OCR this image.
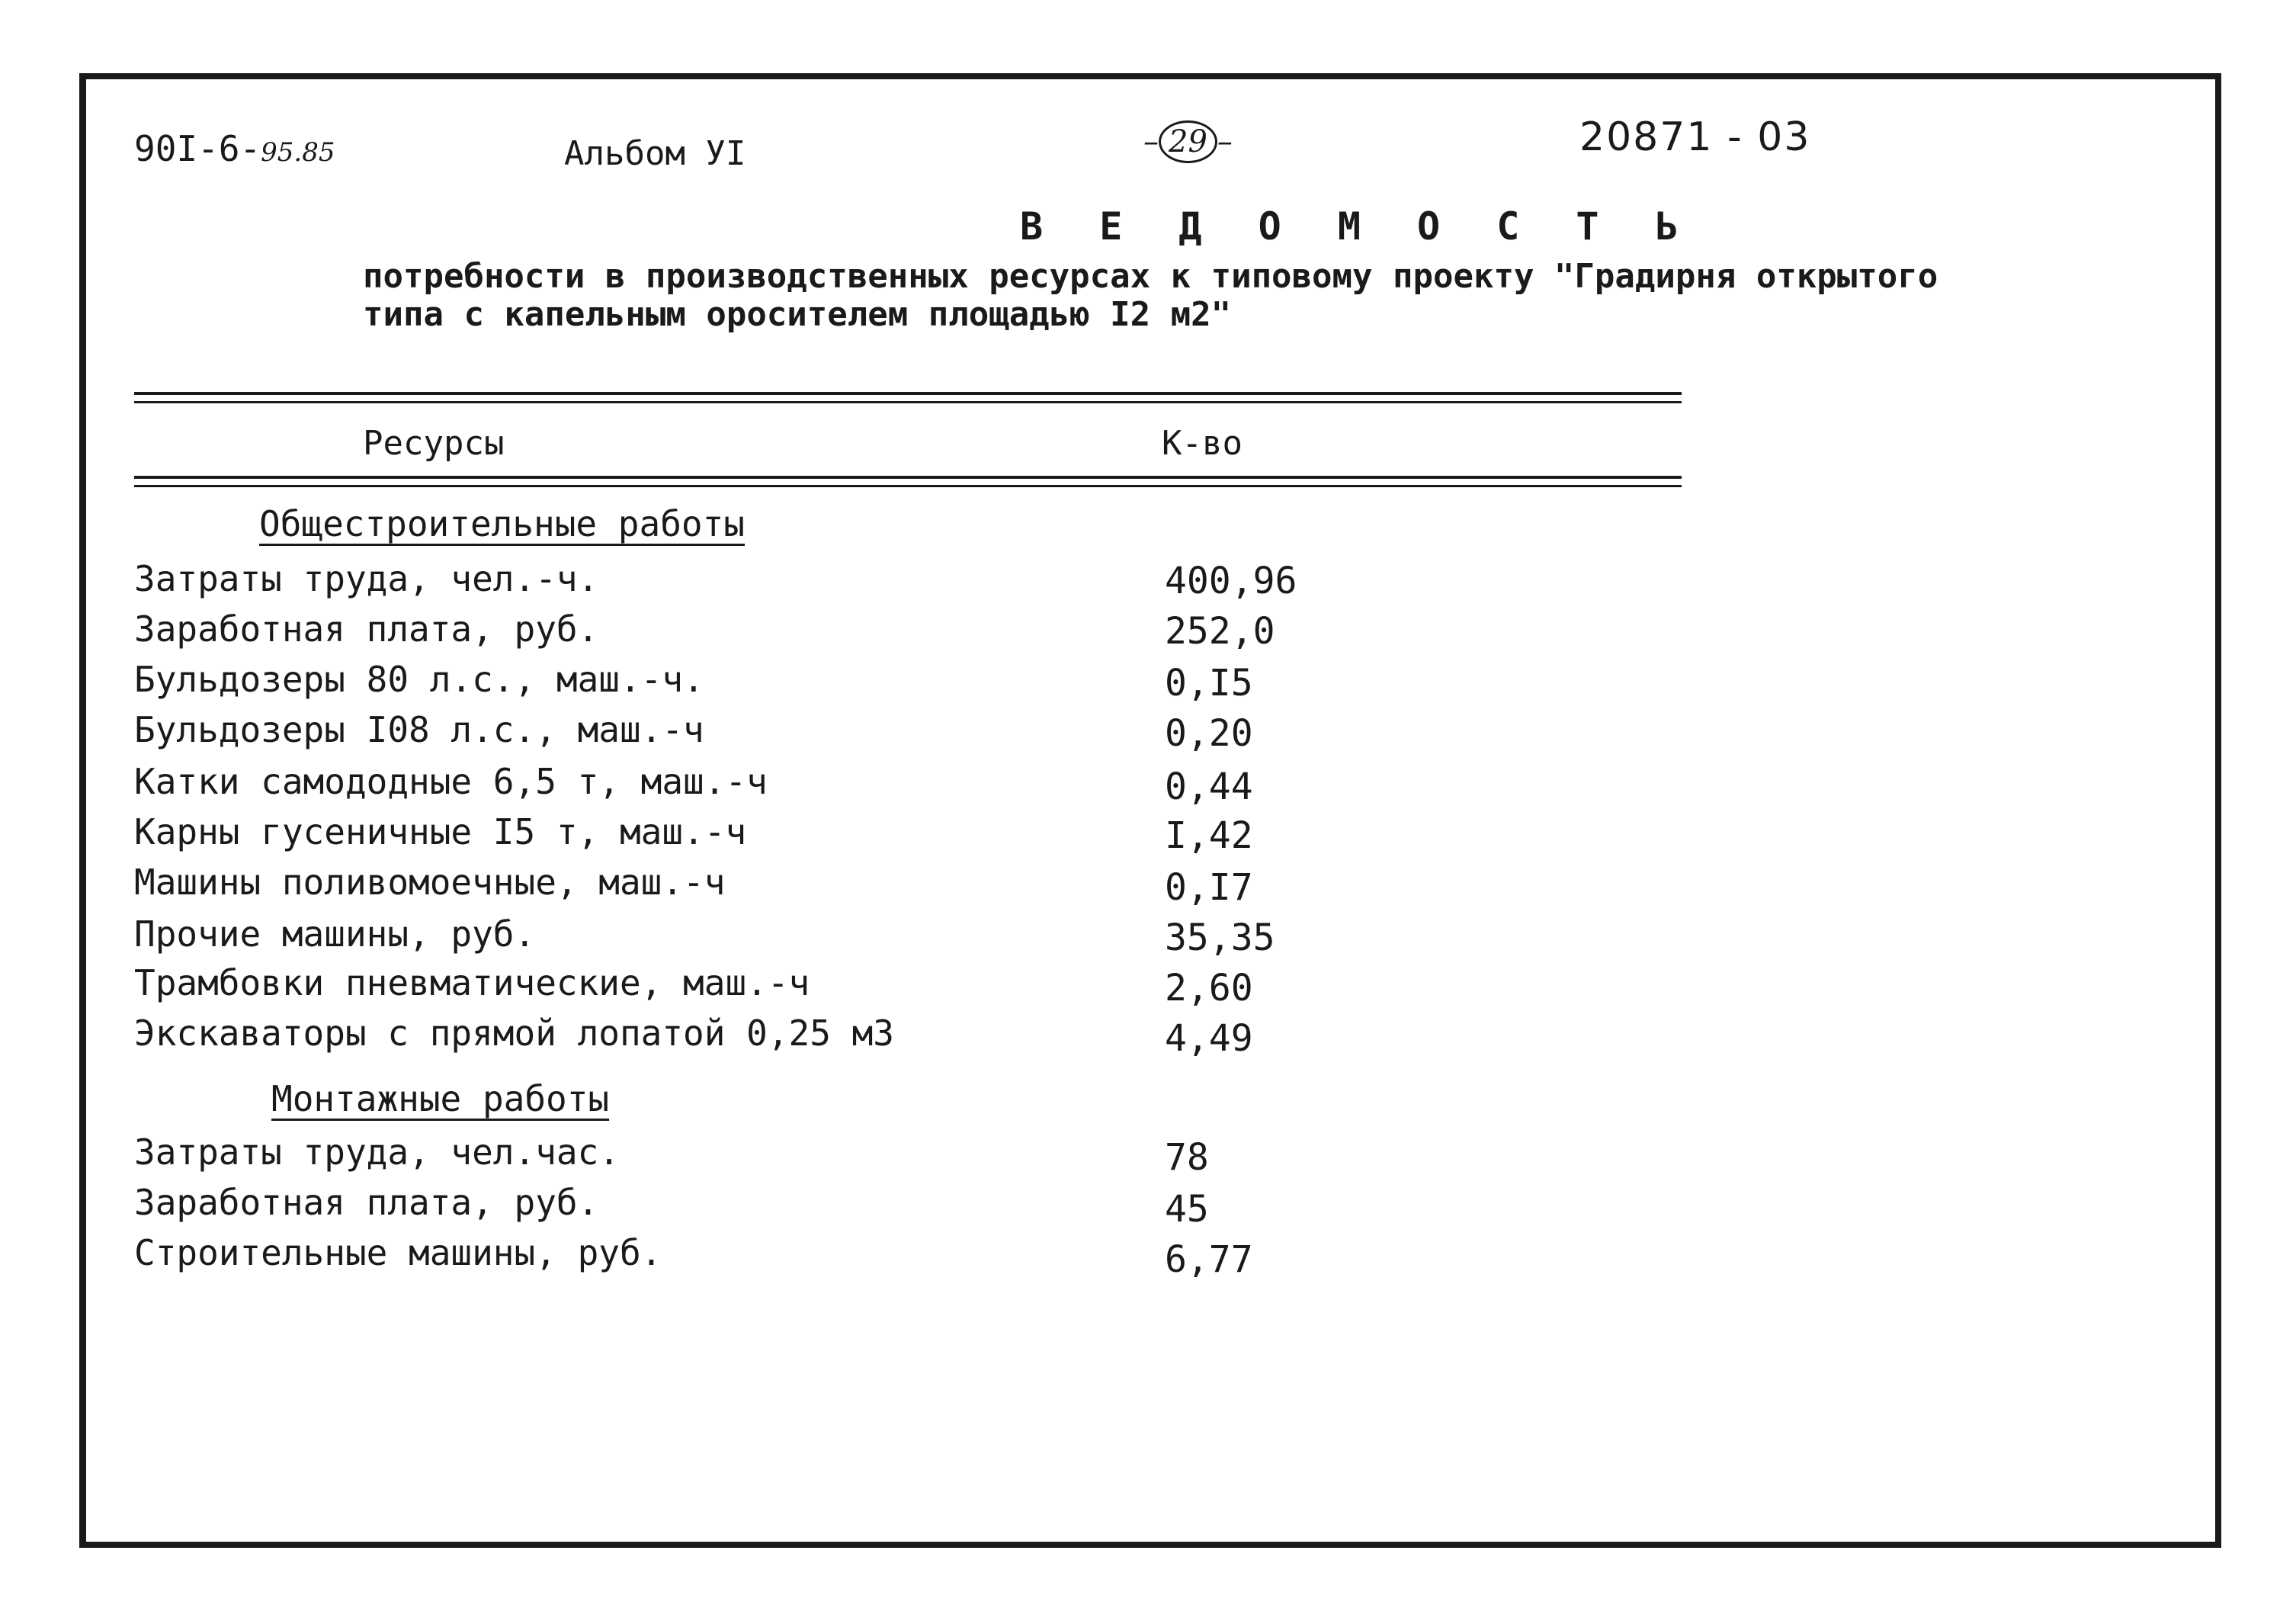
90I-6-95.85	Альбом УI	– 29 –	20871 - 03
В Е Д О М О С Т Ь
потребности в производственных ресурсах к типовому проекту "Градирня открытого
типа с капельным оросителем площадью I2 м2"
Ресурсы	К-во
Общестроительные работы
Затраты труда, чел.-ч.	400,96
Заработная плата, руб.	252,0
Бульдозеры 80 л.с., маш.-ч.	0,I5
Бульдозеры I08 л.с., маш.-ч	0,20
Катки самододные 6,5 т, маш.-ч	0,44
Карны гусеничные I5 т, маш.-ч	I,42
Машины поливомоечные, маш.-ч	0,I7
Прочие машины, руб.	35,35
Трамбовки пневматические, маш.-ч	2,60
Экскаваторы с прямой лопатой 0,25 м3	4,49
Монтажные работы
Затраты труда, чел.час.	78
Заработная плата, руб.	45
Строительные машины, руб.	6,77
